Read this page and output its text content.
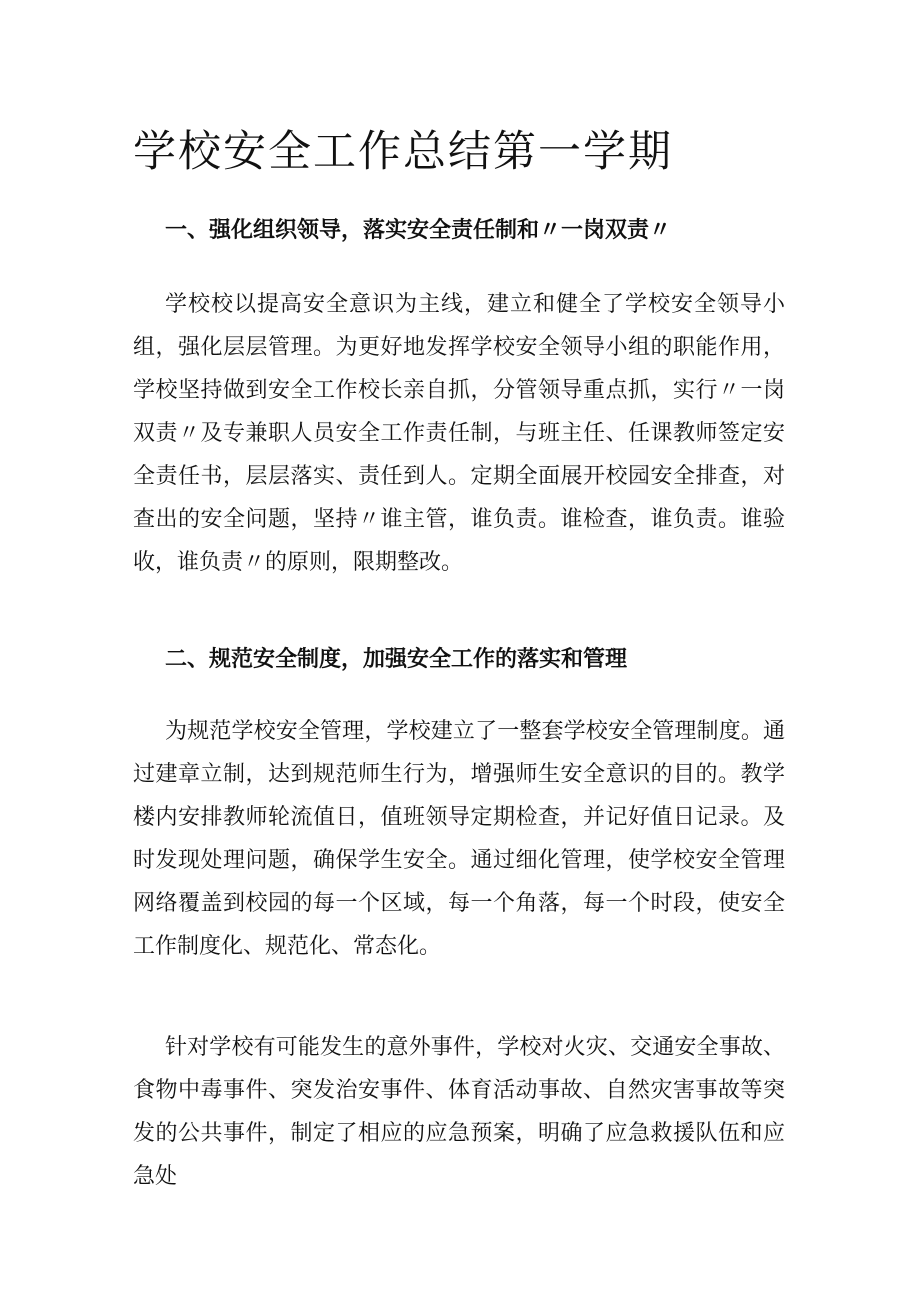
学校安全工作总结第一学期
一、强化组织领导，落实安全责任制和〃一岗双责〃

学校校以提高安全意识为主线，建立和健全了学校安全领导小组，强化层层管理。为更好地发挥学校安全领导小组的职能作用，学校坚持做到安全工作校长亲自抓，分管领导重点抓，实行〃一岗双责〃及专兼职人员安全工作责任制，与班主任、任课教师签定安全责任书，层层落实、责任到人。定期全面展开校园安全排查，对查出的安全问题，坚持〃谁主管，谁负责。谁检查，谁负责。谁验收，谁负责〃的原则，限期整改。

二、规范安全制度，加强安全工作的落实和管理

为规范学校安全管理，学校建立了一整套学校安全管理制度。通过建章立制，达到规范师生行为，增强师生安全意识的目的。教学楼内安排教师轮流值日，值班领导定期检查，并记好值日记录。及时发现处理问题，确保学生安全。通过细化管理，使学校安全管理网络覆盖到校园的每一个区域，每一个角落，每一个时段，使安全工作制度化、规范化、常态化。

针对学校有可能发生的意外事件，学校对火灾、交通安全事故、食物中毒事件、突发治安事件、体育活动事故、自然灾害事故等突发的公共事件，制定了相应的应急预案，明确了应急救援队伍和应急处
